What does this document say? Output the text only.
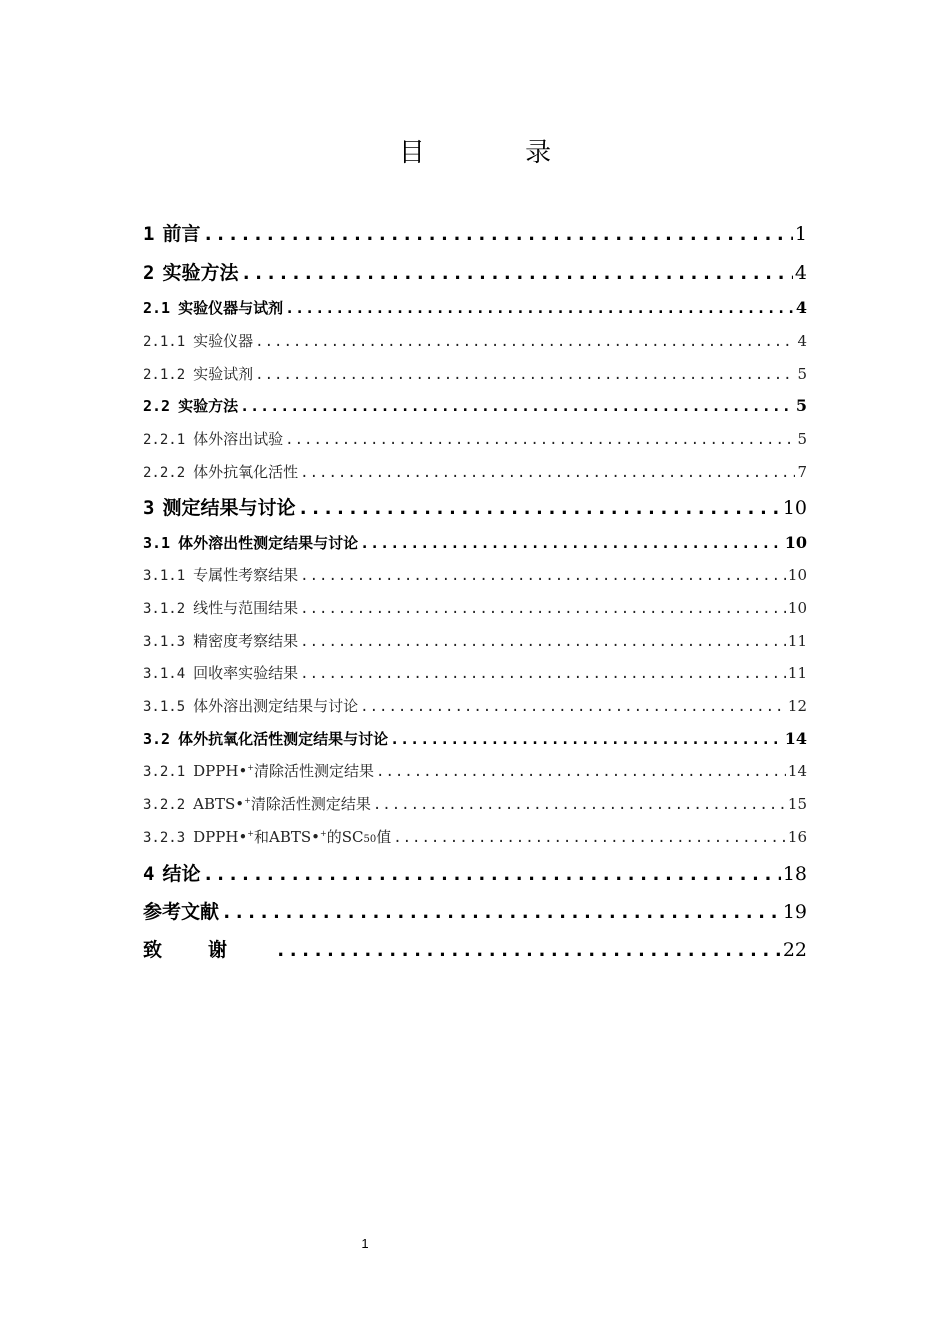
目 录
1 前言 .....	1
2 实验方法 .....	4
2.1 实验仪器与试剂 .....	4
2.1.1 实验仪器 .....	4
2.1.2 实验试剂 .....	5
2.2 实验方法 .....	5
2.2.1 体外溶出试验 .....	5
2.2.2 体外抗氧化活性 .....	7
3 测定结果与讨论 .....	10
3.1 体外溶出性测定结果与讨论 .....	10
3.1.1 专属性考察结果 .....	10
3.1.2 线性与范围结果 .....	10
3.1.3 精密度考察结果 .....	11
3.1.4 回收率实验结果 .....	11
3.1.5 体外溶出测定结果与讨论 .....	12
3.2 体外抗氧化活性测定结果与讨论 .....	14
3.2.1 DPPH•+清除活性测定结果 .....	14
3.2.2 ABTS•+清除活性测定结果 .....	15
3.2.3 DPPH•+和ABTS•+的SC50值 .....	16
4 结论 .....	18
参考文献 .....	19
致谢 .....	22
1
